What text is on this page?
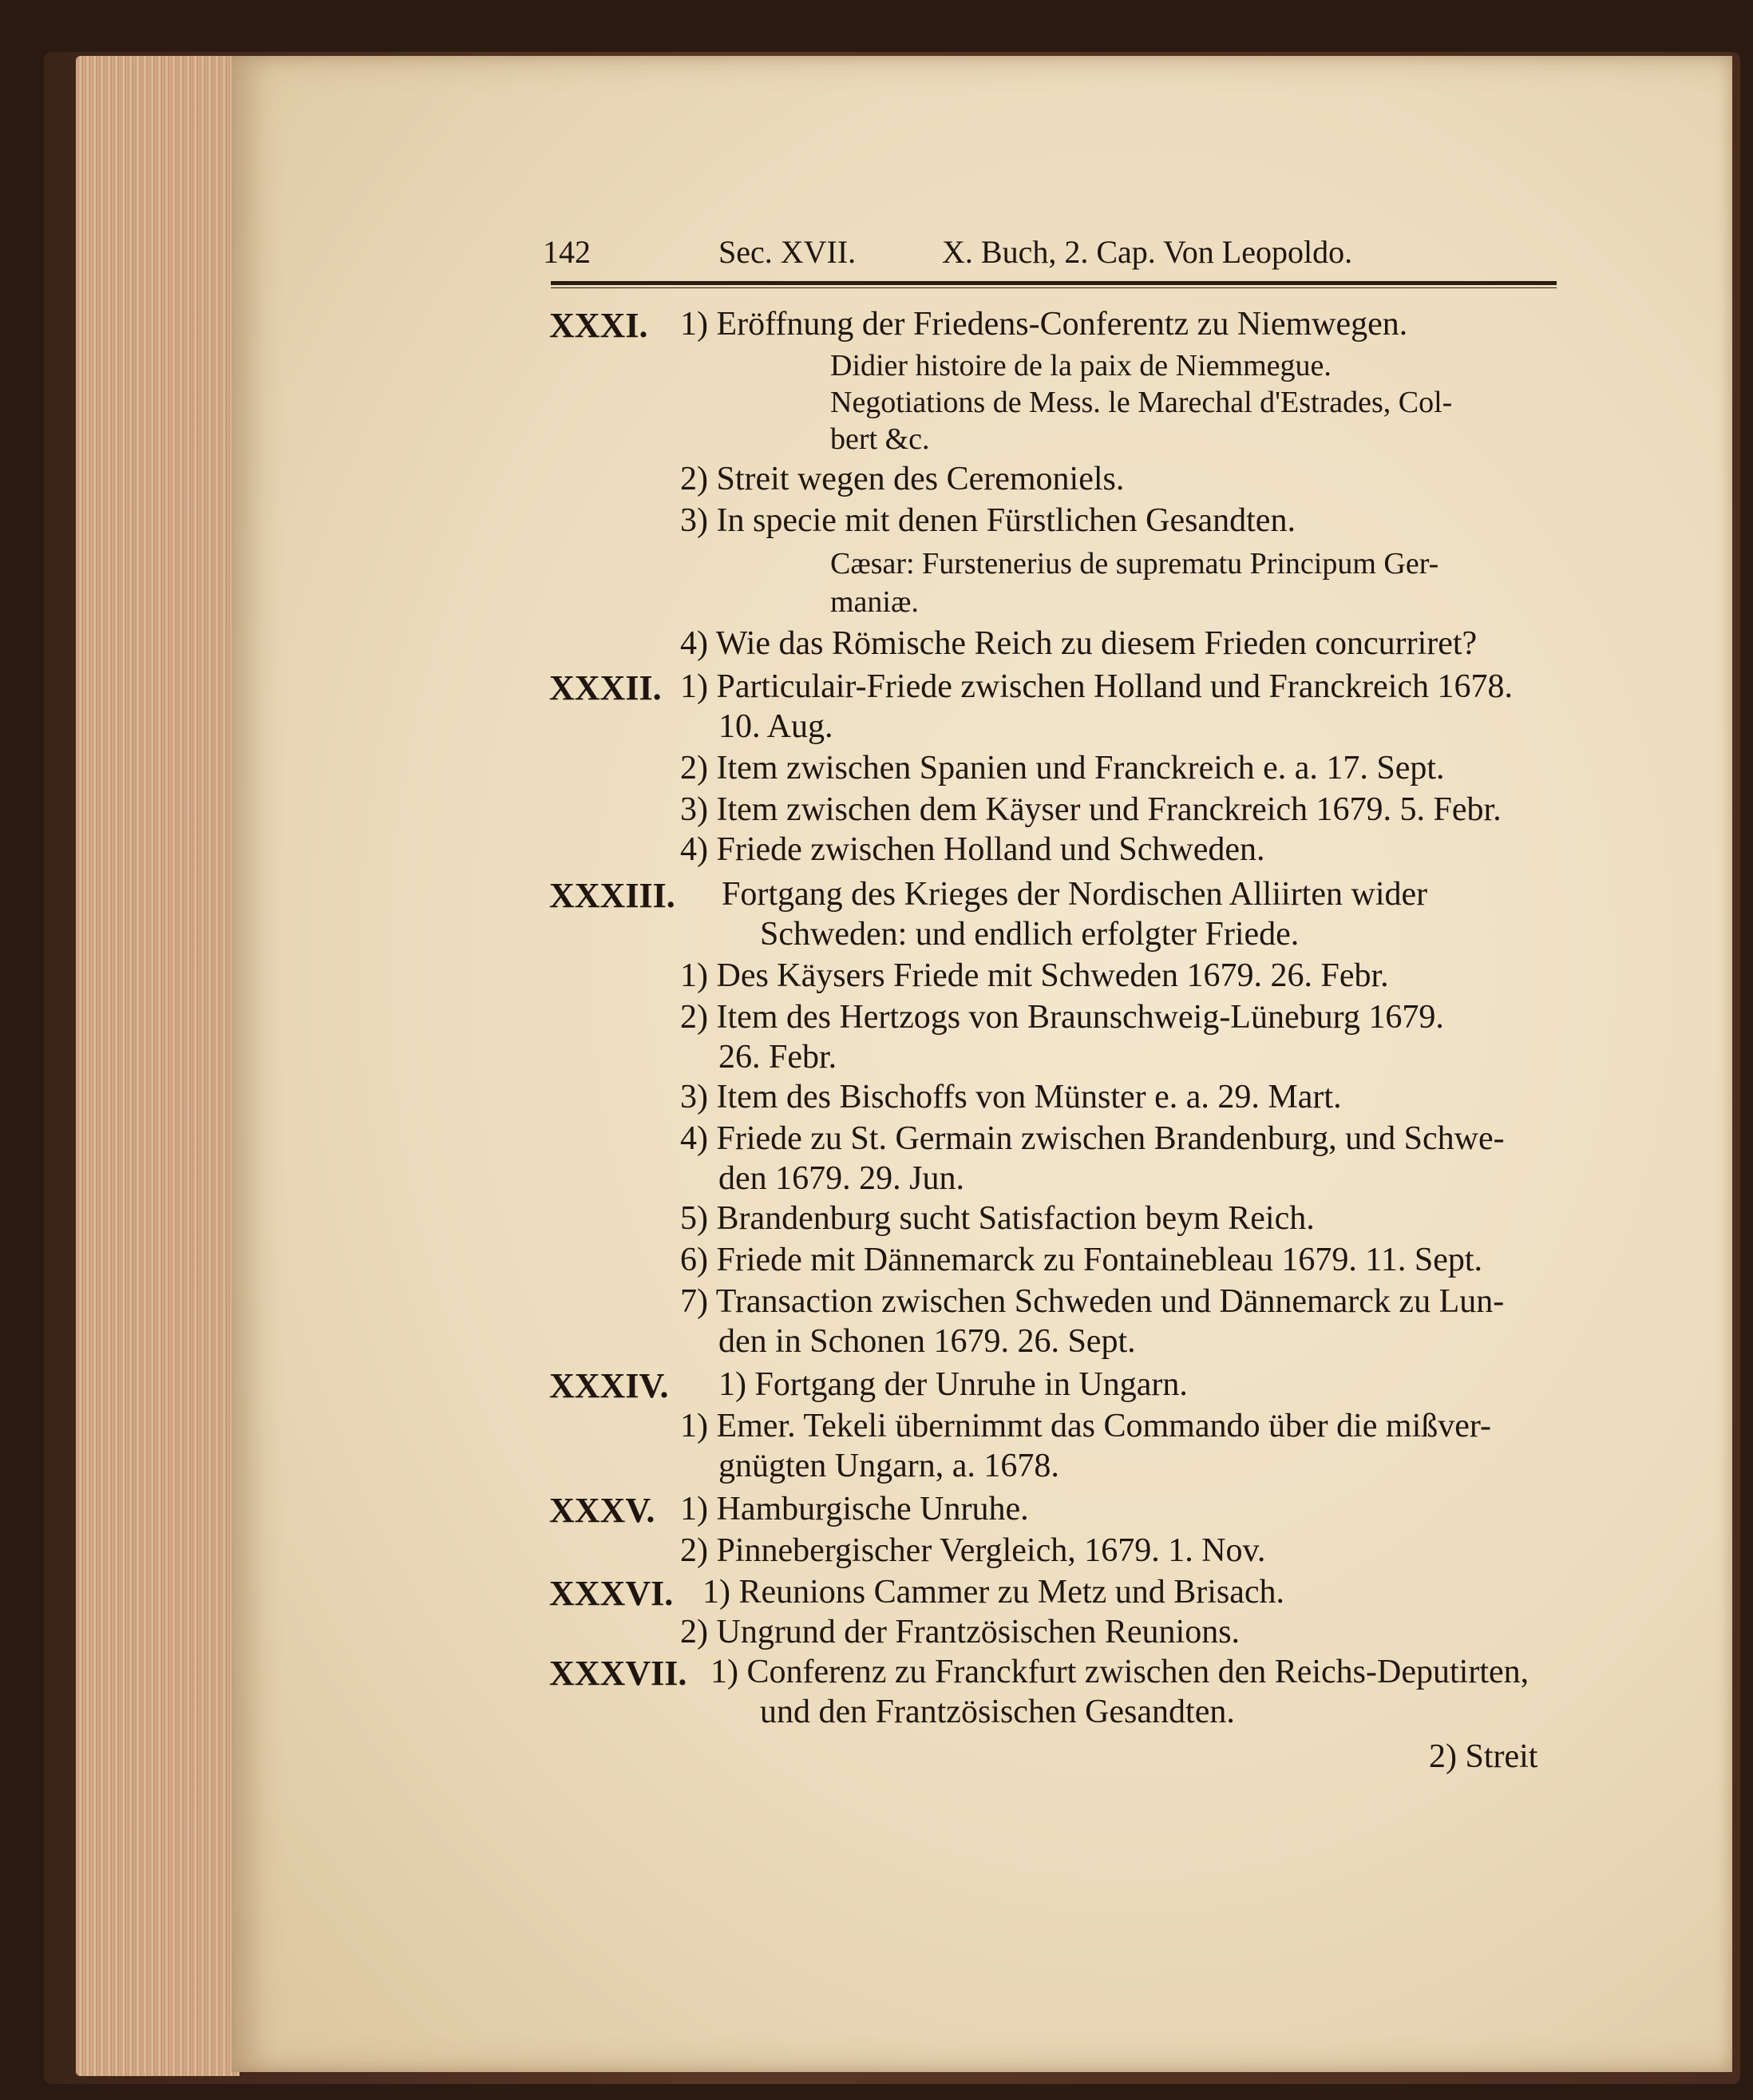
142	Sec. XVII.	X. Buch, 2. Cap. Von Leopoldo.
XXXI. 1) Eröffnung der Friedens-Conferentz zu Niemwegen.
Didier histoire de la paix de Niemmegue.
Negotiations de Mess. le Marechal d'Estrades, Col-
bert &c.
2) Streit wegen des Ceremoniels.
3) In specie mit denen Fürstlichen Gesandten.
Cæsar: Furstenerius de suprematu Principum Ger-
maniæ.
4) Wie das Römische Reich zu diesem Frieden concurriret?
XXXII. 1) Particulair-Friede zwischen Holland und Franckreich 1678.
10. Aug.
2) Item zwischen Spanien und Franckreich e. a. 17. Sept.
3) Item zwischen dem Käyser und Franckreich 1679. 5. Febr.
4) Friede zwischen Holland und Schweden.
XXXIII. Fortgang des Krieges der Nordischen Alliirten wider
Schweden: und endlich erfolgter Friede.
1) Des Käysers Friede mit Schweden 1679. 26. Febr.
2) Item des Hertzogs von Braunschweig-Lüneburg 1679.
26. Febr.
3) Item des Bischoffs von Münster e. a. 29. Mart.
4) Friede zu St. Germain zwischen Brandenburg, und Schwe-
den 1679. 29. Jun.
5) Brandenburg sucht Satisfaction beym Reich.
6) Friede mit Dännemarck zu Fontainebleau 1679. 11. Sept.
7) Transaction zwischen Schweden und Dännemarck zu Lun-
den in Schonen 1679. 26. Sept.
XXXIV. 1) Fortgang der Unruhe in Ungarn.
1) Emer. Tekeli übernimmt das Commando über die mißver-
gnügten Ungarn, a. 1678.
XXXV. 1) Hamburgische Unruhe.
2) Pinnebergischer Vergleich, 1679. 1. Nov.
XXXVI. 1) Reunions Cammer zu Metz und Brisach.
2) Ungrund der Frantzösischen Reunions.
XXXVII. 1) Conferenz zu Franckfurt zwischen den Reichs-Deputirten,
und den Frantzösischen Gesandten.
2) Streit
